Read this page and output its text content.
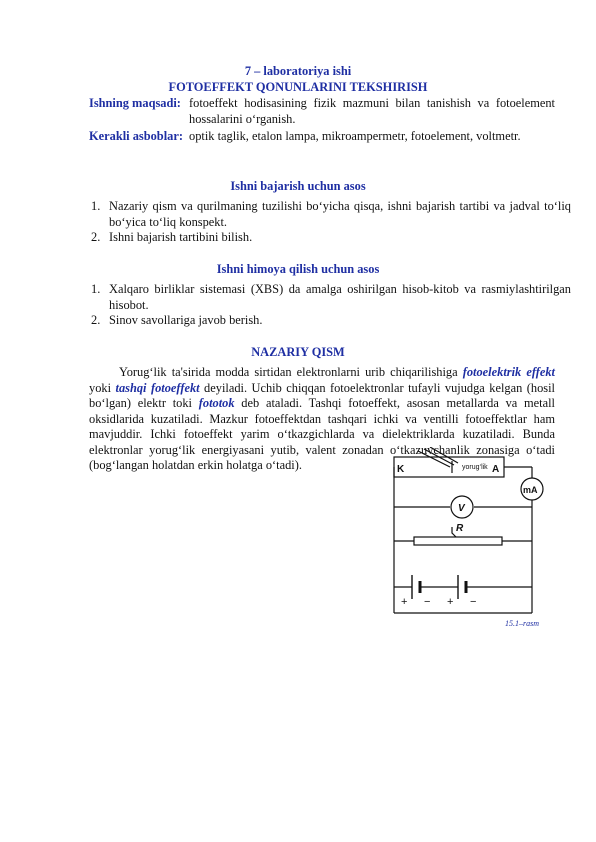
7 – laboratoriya ishi

FOTOEFFEKT QONUNLARINI TEKSHIRISH

Ishning maqsadi: fotoeffekt hodisasining fizik mazmuni bilan tanishish va fotoelement hossalarini o‘rganish.
Kerakli asboblar: optik taglik, etalon lampa, mikroampermetr, fotoelement, voltmetr.

Ishni bajarish uchun asos

1. Nazariy qism va qurilmaning tuzilishi bo‘yicha qisqa, ishni bajarish tartibi va jadval to‘liq bo‘yica to‘liq konspekt.
2. Ishni bajarish tartibini bilish.

Ishni himoya qilish uchun asos

1. Xalqaro birliklar sistemasi (XBS) da amalga oshirilgan hisob-kitob va rasmiylashtirilgan hisobot.
2. Sinov savollariga javob berish.

NAZARIY QISM

Yorug‘lik ta'sirida modda sirtidan elektronlarni urib chiqarilishiga fotoelektrik effekt yoki tashqi fotoeffekt deyiladi. Uchib chiqqan fotoelektronlar tufayli vujudga kelgan (hosil bo‘lgan) elektr toki fototok deb ataladi. Tashqi fotoeffekt, asosan metallarda va metall oksidlarida kuzatiladi. Mazkur fotoeffektdan tashqari ichki va ventilli fotoeffektlar ham mavjuddir. Ichki fotoeffekt yarim o‘tkazgichlarda va dielektriklarda kuzatiladi. Bunda elektronlar yorug‘lik energiyasani yutib, valent zonadan o‘tkazuvchanlik zonasiga o‘tadi (bog‘langan holatdan erkin holatga o‘tadi).	K	A
yorug‘lik
mA
V
R
+ − + −
15.1–rasm
